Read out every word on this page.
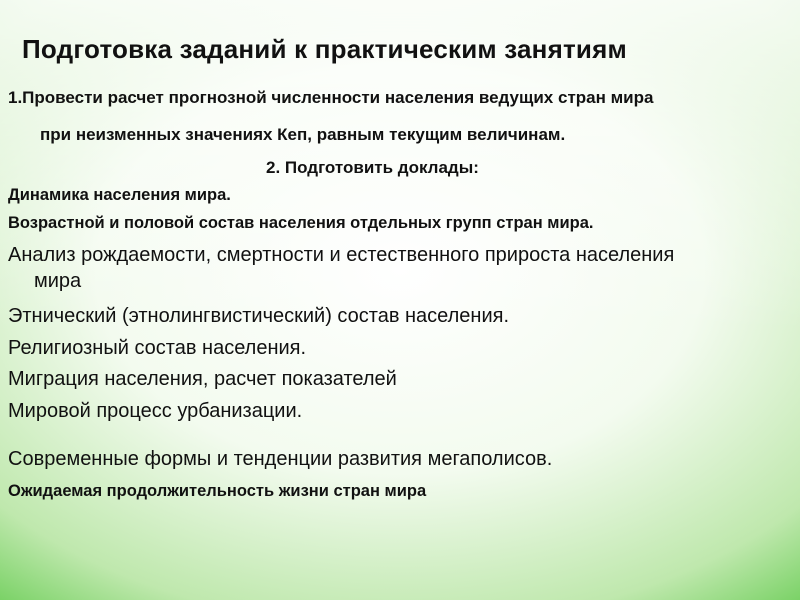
Подготовка заданий к практическим занятиям
1.Провести расчет прогнозной численности населения ведущих стран мира
при неизменных значениях Кеп, равным текущим величинам.
2. Подготовить доклады:
Динамика населения мира.
Возрастной и половой состав населения отдельных групп стран мира.
Анализ рождаемости, смертности и естественного прироста населения
мира
Этнический (этнолингвистический) состав населения.
Религиозный состав населения.
Миграция населения, расчет показателей
Мировой процесс урбанизации.
Современные формы и тенденции развития мегаполисов.
Ожидаемая продолжительность жизни стран мира
